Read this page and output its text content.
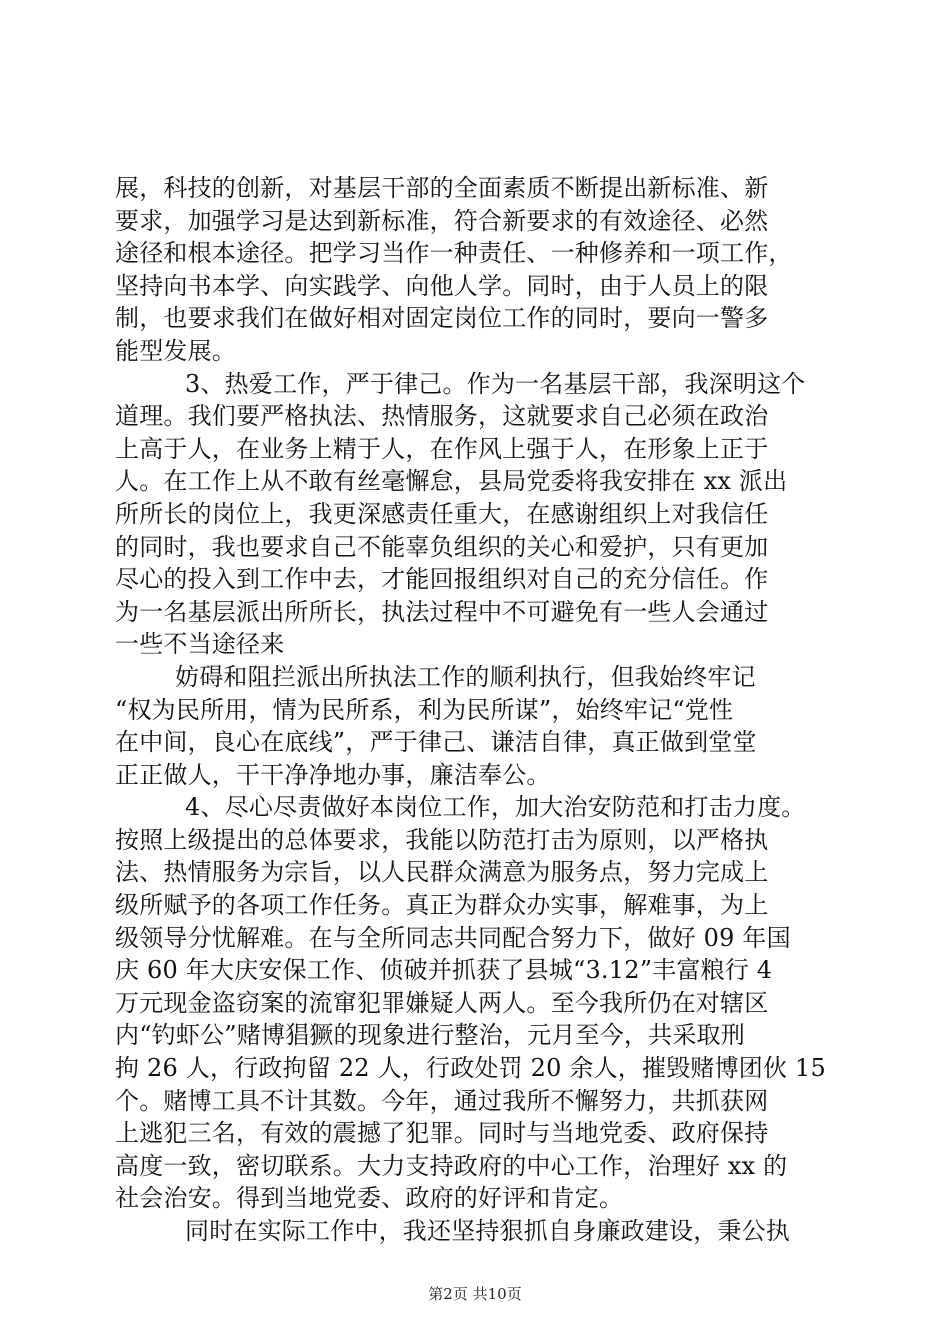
展，科技的创新，对基层干部的全面素质不断提出新标准、新
要求，加强学习是达到新标准，符合新要求的有效途径、必然
途径和根本途径。把学习当作一种责任、一种修养和一项工作，
坚持向书本学、向实践学、向他人学。同时，由于人员上的限
制，也要求我们在做好相对固定岗位工作的同时，要向一警多
能型发展。
3、热爱工作，严于律己。作为一名基层干部，我深明这个
道理。我们要严格执法、热情服务，这就要求自己必须在政治
上高于人，在业务上精于人，在作风上强于人，在形象上正于
人。在工作上从不敢有丝毫懈怠，县局党委将我安排在 xx 派出
所所长的岗位上，我更深感责任重大，在感谢组织上对我信任
的同时，我也要求自己不能辜负组织的关心和爱护，只有更加
尽心的投入到工作中去，才能回报组织对自己的充分信任。作
为一名基层派出所所长，执法过程中不可避免有一些人会通过
一些不当途径来
妨碍和阻拦派出所执法工作的顺利执行，但我始终牢记
“权为民所用，情为民所系，利为民所谋”，始终牢记“党性
在中间，良心在底线”，严于律己、谦洁自律，真正做到堂堂
正正做人，干干净净地办事，廉洁奉公。
4、尽心尽责做好本岗位工作，加大治安防范和打击力度。
按照上级提出的总体要求，我能以防范打击为原则，以严格执
法、热情服务为宗旨，以人民群众满意为服务点，努力完成上
级所赋予的各项工作任务。真正为群众办实事，解难事，为上
级领导分忧解难。在与全所同志共同配合努力下，做好 09 年国
庆 60 年大庆安保工作、侦破并抓获了县城“3.12”丰富粮行 4
万元现金盗窃案的流窜犯罪嫌疑人两人。至今我所仍在对辖区
内“钓虾公”赌博猖獗的现象进行整治，元月至今，共采取刑
拘 26 人，行政拘留 22 人，行政处罚 20 余人，摧毁赌博团伙 15
个。赌博工具不计其数。今年，通过我所不懈努力，共抓获网
上逃犯三名，有效的震撼了犯罪。同时与当地党委、政府保持
高度一致，密切联系。大力支持政府的中心工作，治理好 xx 的
社会治安。得到当地党委、政府的好评和肯定。
同时在实际工作中，我还坚持狠抓自身廉政建设，秉公执
第2页 共10页
